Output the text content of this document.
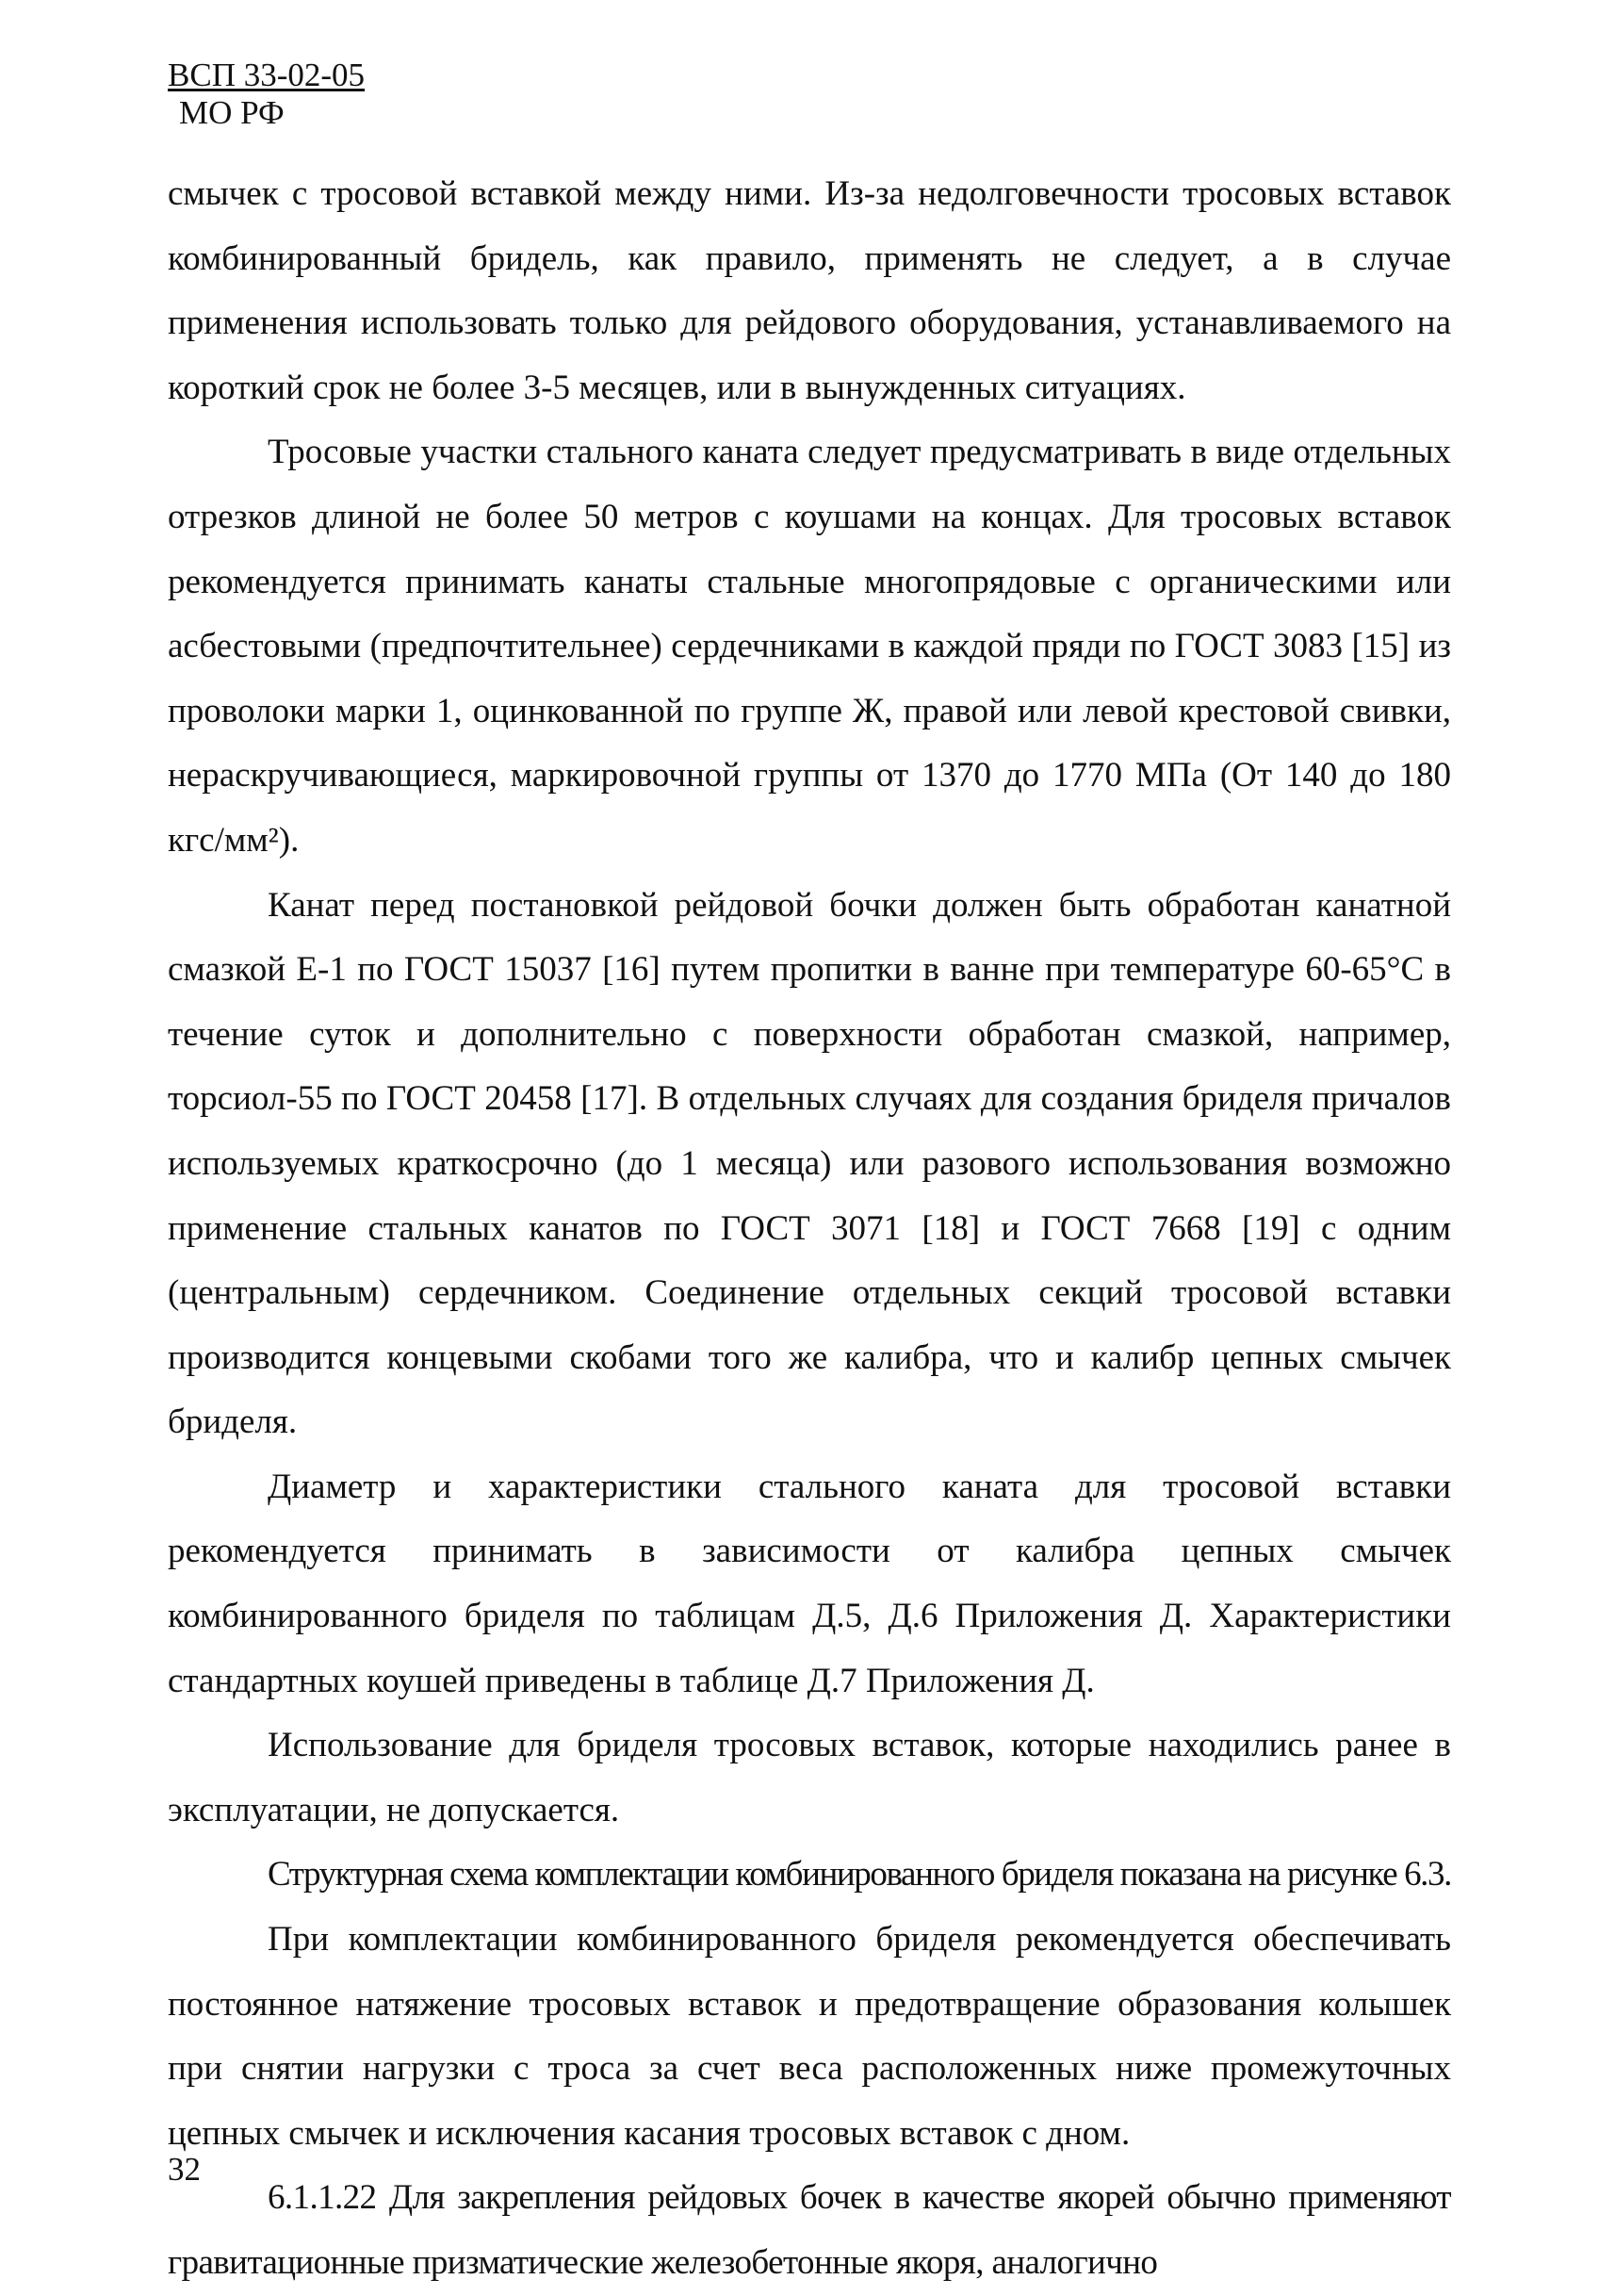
ВСП 33-02-05
МО РФ

смычек с тросовой вставкой между ними. Из-за недолговечности тросовых вставок комбинированный бридель, как правило, применять не следует, а в случае применения использовать только для рейдового оборудования, устанавливаемого на короткий срок не более 3-5 месяцев, или в вынужденных ситуациях.

Тросовые участки стального каната следует предусматривать в виде отдельных отрезков длиной не более 50 метров с коушами на концах. Для тросовых вставок рекомендуется принимать канаты стальные многопрядовые с органическими или асбестовыми (предпочтительнее) сердечниками в каждой пряди по ГОСТ 3083 [15] из проволоки марки 1, оцинкованной по группе Ж, правой или левой крестовой свивки, нераскручивающиеся, маркировочной группы от 1370 до 1770 МПа (От 140 до 180 кгс/мм²).

Канат перед постановкой рейдовой бочки должен быть обработан канатной смазкой Е-1 по ГОСТ 15037 [16] путем пропитки в ванне при температуре 60-65°С в течение суток и дополнительно с поверхности обработан смазкой, например, торсиол-55 по ГОСТ 20458 [17]. В отдельных случаях для создания бриделя причалов используемых краткосрочно (до 1 месяца) или разового использования возможно применение стальных канатов по ГОСТ 3071 [18] и ГОСТ 7668 [19] с одним (центральным) сердечником. Соединение отдельных секций тросовой вставки производится концевыми скобами того же калибра, что и калибр цепных смычек бриделя.

Диаметр и характеристики стального каната для тросовой вставки рекомендуется принимать в зависимости от калибра цепных смычек комбинированного бриделя по таблицам Д.5, Д.6 Приложения Д. Характеристики стандартных коушей приведены в таблице Д.7 Приложения Д.

Использование для бриделя тросовых вставок, которые находились ранее в эксплуатации, не допускается.

Структурная схема комплектации комбинированного бриделя показана на рисунке 6.3.

При комплектации комбинированного бриделя рекомендуется обеспечивать постоянное натяжение тросовых вставок и предотвращение образования колышек при снятии нагрузки с троса за счет веса расположенных ниже промежуточных цепных смычек и исключения касания тросовых вставок с дном.

6.1.1.22 Для закрепления рейдовых бочек в качестве якорей обычно применяют гравитационные призматические железобетонные якоря, аналогично

32
